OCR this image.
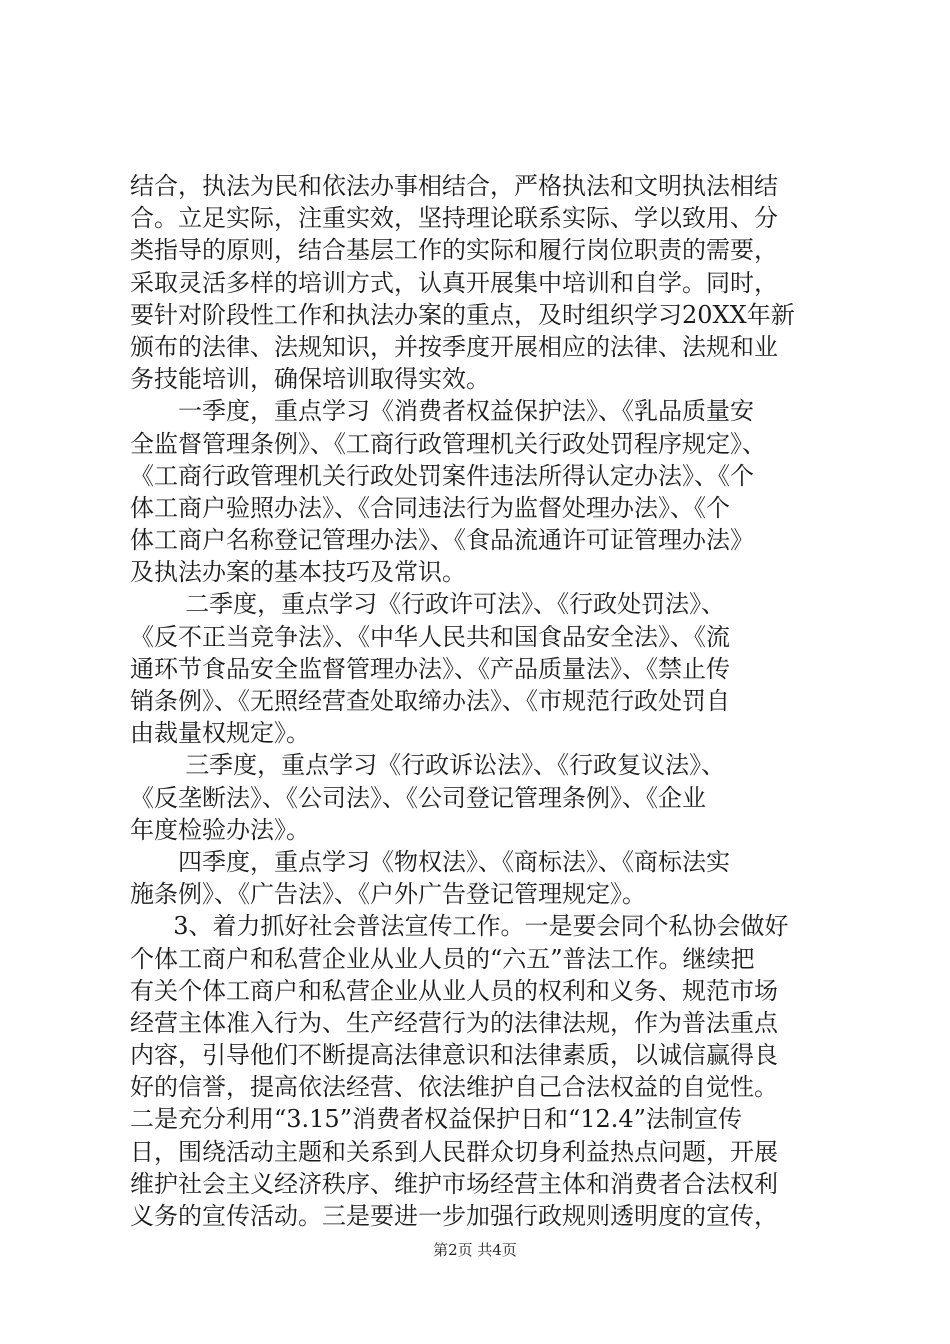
结合，执法为民和依法办事相结合，严格执法和文明执法相结
合。立足实际，注重实效，坚持理论联系实际、学以致用、分
类指导的原则，结合基层工作的实际和履行岗位职责的需要，
采取灵活多样的培训方式，认真开展集中培训和自学。同时，
要针对阶段性工作和执法办案的重点，及时组织学习20XX年新
颁布的法律、法规知识，并按季度开展相应的法律、法规和业
务技能培训，确保培训取得实效。
一季度，重点学习《消费者权益保护法》、《乳品质量安
全监督管理条例》、《工商行政管理机关行政处罚程序规定》、
《工商行政管理机关行政处罚案件违法所得认定办法》、《个
体工商户验照办法》、《合同违法行为监督处理办法》、《个
体工商户名称登记管理办法》、《食品流通许可证管理办法》
及执法办案的基本技巧及常识。
二季度，重点学习《行政许可法》、《行政处罚法》、
《反不正当竞争法》、《中华人民共和国食品安全法》、《流
通环节食品安全监督管理办法》、《产品质量法》、《禁止传
销条例》、《无照经营查处取缔办法》、《市规范行政处罚自
由裁量权规定》。
三季度，重点学习《行政诉讼法》、《行政复议法》、
《反垄断法》、《公司法》、《公司登记管理条例》、《企业
年度检验办法》。
四季度，重点学习《物权法》、《商标法》、《商标法实
施条例》、《广告法》、《户外广告登记管理规定》。
3、着力抓好社会普法宣传工作。一是要会同个私协会做好
个体工商户和私营企业从业人员的“六五”普法工作。继续把
有关个体工商户和私营企业从业人员的权利和义务、规范市场
经营主体准入行为、生产经营行为的法律法规，作为普法重点
内容，引导他们不断提高法律意识和法律素质，以诚信赢得良
好的信誉，提高依法经营、依法维护自己合法权益的自觉性。
二是充分利用“3.15”消费者权益保护日和“12.4”法制宣传
日，围绕活动主题和关系到人民群众切身利益热点问题，开展
维护社会主义经济秩序、维护市场经营主体和消费者合法权利
义务的宣传活动。三是要进一步加强行政规则透明度的宣传，
第2页 共4页
